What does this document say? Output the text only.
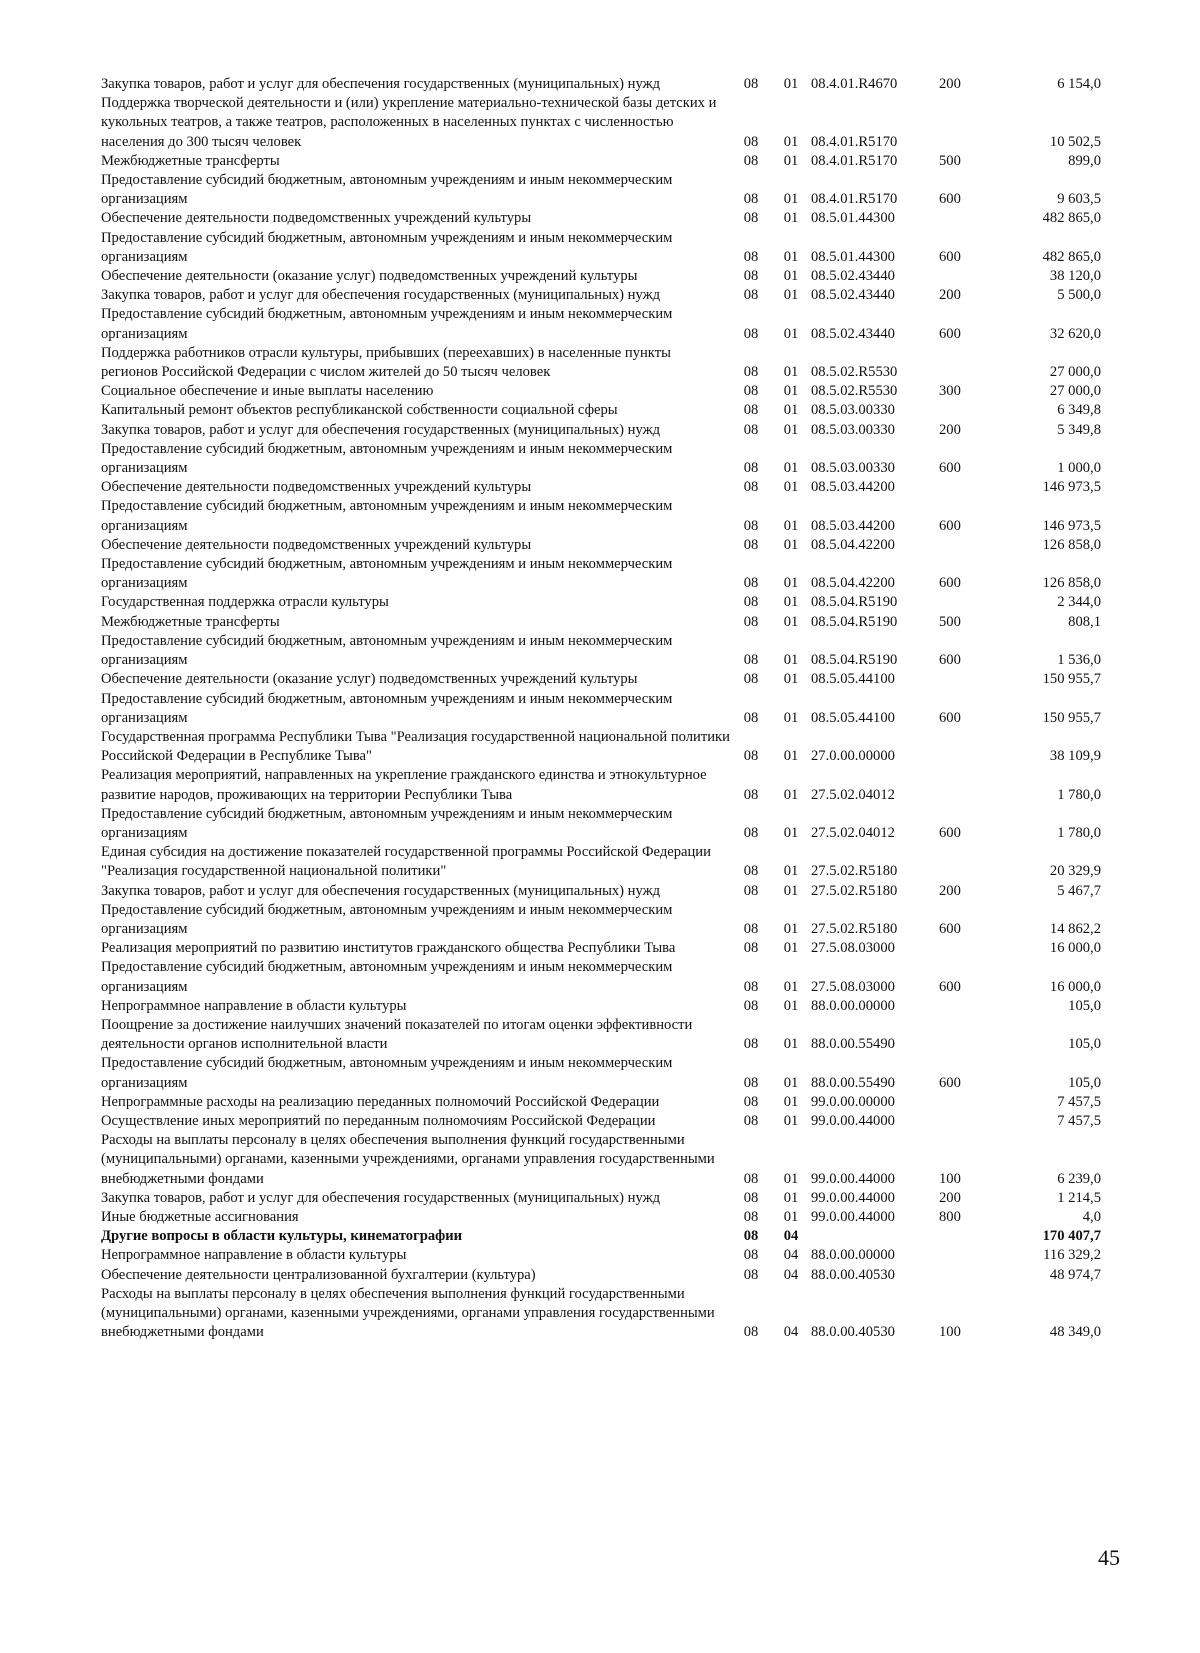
Закупка товаров, работ и услуг для обеспечения государственных (муниципальных) нужд	08	01	08.4.01.R4670	200	6 154,0
Поддержка творческой деятельности и (или) укрепление материально-технической базы детских и кукольных театров, а также театров, расположенных в населенных пунктах с численностью населения до 300 тысяч человек	08	01	08.4.01.R5170		10 502,5
Межбюджетные трансферты	08	01	08.4.01.R5170	500	899,0
Предоставление субсидий бюджетным, автономным учреждениям и иным некоммерческим организациям	08	01	08.4.01.R5170	600	9 603,5
Обеспечение деятельности подведомственных учреждений культуры	08	01	08.5.01.44300		482 865,0
Предоставление субсидий бюджетным, автономным учреждениям и иным некоммерческим организациям	08	01	08.5.01.44300	600	482 865,0
Обеспечение деятельности (оказание услуг) подведомственных учреждений культуры	08	01	08.5.02.43440		38 120,0
Закупка товаров, работ и услуг для обеспечения государственных (муниципальных) нужд	08	01	08.5.02.43440	200	5 500,0
Предоставление субсидий бюджетным, автономным учреждениям и иным некоммерческим организациям	08	01	08.5.02.43440	600	32 620,0
Поддержка работников отрасли культуры, прибывших (переехавших) в населенные пункты регионов Российской Федерации с числом жителей до 50 тысяч человек	08	01	08.5.02.R5530		27 000,0
Социальное обеспечение и иные выплаты населению	08	01	08.5.02.R5530	300	27 000,0
Капитальный ремонт объектов республиканской собственности социальной сферы	08	01	08.5.03.00330		6 349,8
Закупка товаров, работ и услуг для обеспечения государственных (муниципальных) нужд	08	01	08.5.03.00330	200	5 349,8
Предоставление субсидий бюджетным, автономным учреждениям и иным некоммерческим организациям	08	01	08.5.03.00330	600	1 000,0
Обеспечение деятельности подведомственных учреждений культуры	08	01	08.5.03.44200		146 973,5
Предоставление субсидий бюджетным, автономным учреждениям и иным некоммерческим организациям	08	01	08.5.03.44200	600	146 973,5
Обеспечение деятельности подведомственных учреждений культуры	08	01	08.5.04.42200		126 858,0
Предоставление субсидий бюджетным, автономным учреждениям и иным некоммерческим организациям	08	01	08.5.04.42200	600	126 858,0
Государственная поддержка отрасли культуры	08	01	08.5.04.R5190		2 344,0
Межбюджетные трансферты	08	01	08.5.04.R5190	500	808,1
Предоставление субсидий бюджетным, автономным учреждениям и иным некоммерческим организациям	08	01	08.5.04.R5190	600	1 536,0
Обеспечение деятельности (оказание услуг) подведомственных учреждений культуры	08	01	08.5.05.44100		150 955,7
Предоставление субсидий бюджетным, автономным учреждениям и иным некоммерческим организациям	08	01	08.5.05.44100	600	150 955,7
Государственная программа Республики Тыва "Реализация государственной национальной политики Российской Федерации в Республике Тыва"	08	01	27.0.00.00000		38 109,9
Реализация мероприятий, направленных на укрепление гражданского единства и этнокультурное развитие народов, проживающих на территории Республики Тыва	08	01	27.5.02.04012		1 780,0
Предоставление субсидий бюджетным, автономным учреждениям и иным некоммерческим организациям	08	01	27.5.02.04012	600	1 780,0
Единая субсидия на достижение показателей государственной программы Российской Федерации "Реализация государственной национальной политики"	08	01	27.5.02.R5180		20 329,9
Закупка товаров, работ и услуг для обеспечения государственных (муниципальных) нужд	08	01	27.5.02.R5180	200	5 467,7
Предоставление субсидий бюджетным, автономным учреждениям и иным некоммерческим организациям	08	01	27.5.02.R5180	600	14 862,2
Реализация мероприятий по развитию институтов гражданского общества Республики Тыва	08	01	27.5.08.03000		16 000,0
Предоставление субсидий бюджетным, автономным учреждениям и иным некоммерческим организациям	08	01	27.5.08.03000	600	16 000,0
Непрограммное направление в области культуры	08	01	88.0.00.00000		105,0
Поощрение за достижение наилучших значений показателей по итогам оценки эффективности деятельности органов исполнительной власти	08	01	88.0.00.55490		105,0
Предоставление субсидий бюджетным, автономным учреждениям и иным некоммерческим организациям	08	01	88.0.00.55490	600	105,0
Непрограммные расходы на реализацию переданных полномочий Российской Федерации	08	01	99.0.00.00000		7 457,5
Осуществление иных мероприятий по переданным полномочиям Российской Федерации	08	01	99.0.00.44000		7 457,5
Расходы на выплаты персоналу в целях обеспечения выполнения функций государственными (муниципальными) органами, казенными учреждениями, органами управления государственными внебюджетными фондами	08	01	99.0.00.44000	100	6 239,0
Закупка товаров, работ и услуг для обеспечения государственных (муниципальных) нужд	08	01	99.0.00.44000	200	1 214,5
Иные бюджетные ассигнования	08	01	99.0.00.44000	800	4,0
Другие вопросы в области культуры, кинематографии	08	04			170 407,7
Непрограммное направление в области культуры	08	04	88.0.00.00000		116 329,2
Обеспечение деятельности централизованной бухгалтерии (культура)	08	04	88.0.00.40530		48 974,7
Расходы на выплаты персоналу в целях обеспечения выполнения функций государственными (муниципальными) органами, казенными учреждениями, органами управления государственными внебюджетными фондами	08	04	88.0.00.40530	100	48 349,0
45
